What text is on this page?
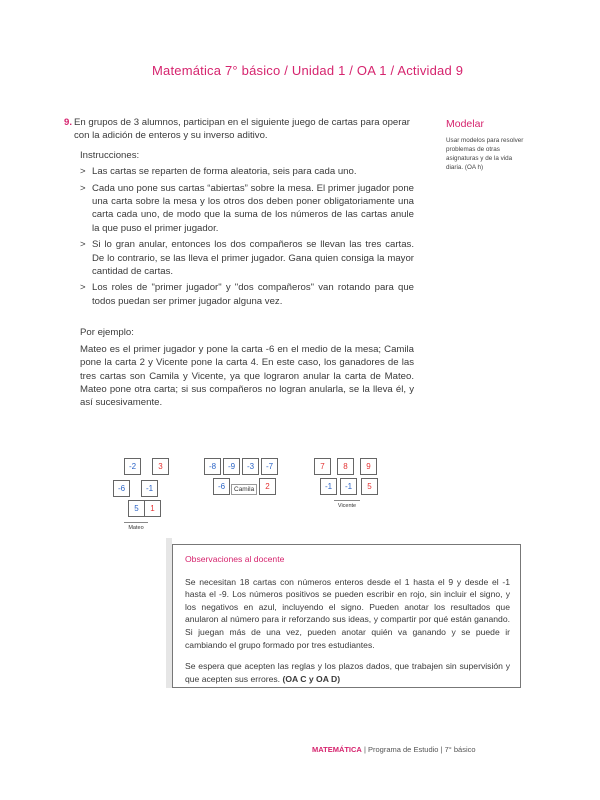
Matemática 7° básico / Unidad 1 / OA 1 / Actividad 9
9. En grupos de 3 alumnos, participan en el siguiente juego de cartas para operar con la adición de enteros y su inverso aditivo.
Instrucciones:
> Las cartas se reparten de forma aleatoria, seis para cada uno.
> Cada uno pone sus cartas “abiertas” sobre la mesa. El primer jugador pone una carta sobre la mesa y los otros dos deben poner obligatoriamente una carta cada uno, de modo que la suma de los números de las cartas anule la que puso el primer jugador.
> Si lo gran anular, entonces los dos compañeros se llevan las tres cartas. De lo contrario, se las lleva el primer jugador. Gana quien consiga la mayor cantidad de cartas.
> Los roles de "primer jugador" y "dos compañeros" van rotando para que todos puedan ser primer jugador alguna vez.
Por ejemplo:
Mateo es el primer jugador y pone la carta -6 en el medio de la mesa; Camila pone la carta 2 y Vicente pone la carta 4. En este caso, los ganadores de las tres cartas son Camila y Vicente, ya que lograron anular la carta de Mateo. Mateo pone otra carta; si sus compañeros no logran anularla, se la lleva él, y así sucesivamente.
Modelar
Usar modelos para resolver problemas de otras asignaturas y de la vida diaria. (OA h)
-2	3
-6	-1
5	1
Mateo
-8	-9	-3	-7
-6	2
Camila
7	8	9
-1	-1	5
Vicente
Observaciones al docente

Se necesitan 18 cartas con números enteros desde el 1 hasta el 9 y desde el -1 hasta el -9. Los números positivos se pueden escribir en rojo, sin incluir el signo, y los negativos en azul, incluyendo el signo. Pueden anotar los resultados que anularon al número para ir reforzando sus ideas, y compartir por qué están ganando. Si juegan más de una vez, pueden anotar quién va ganando y se puede ir cambiando el grupo formado por tres estudiantes.

Se espera que acepten las reglas y los plazos dados, que trabajen sin supervisión y que acepten sus errores. (OA C y OA D)

MATEMÁTICA | Programa de Estudio | 7° básico
